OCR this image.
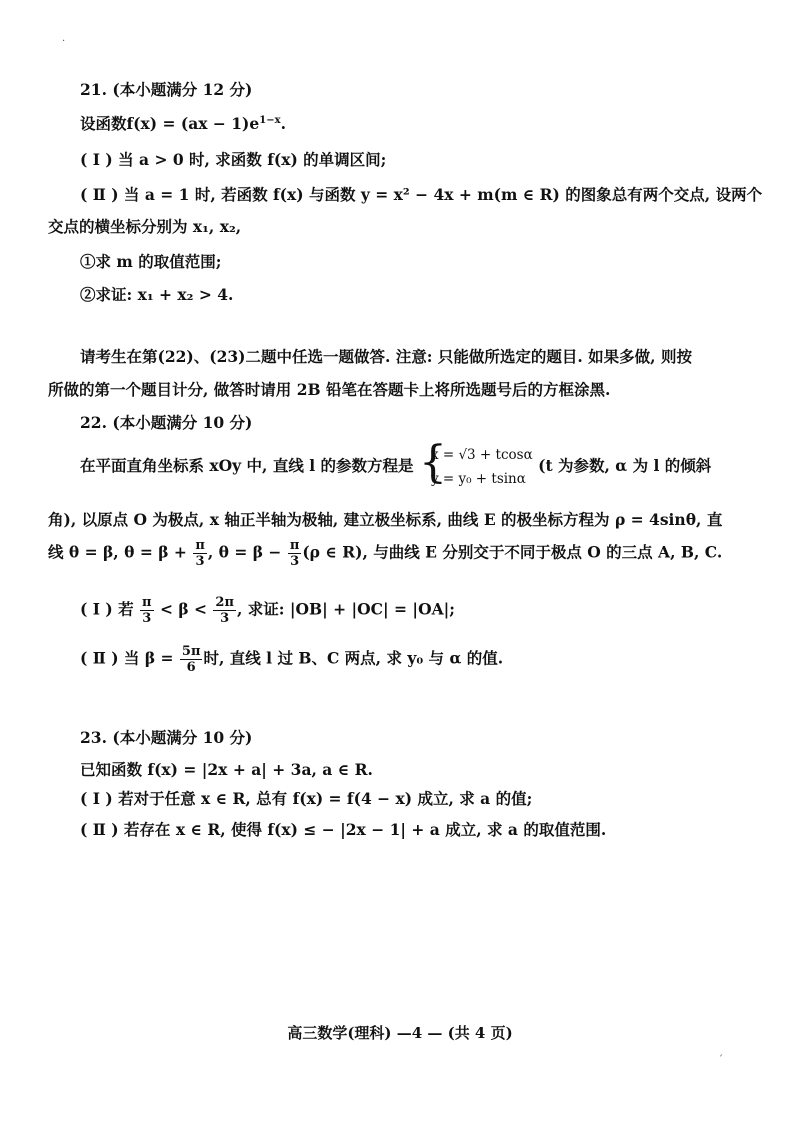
·
21. (本小题满分 12 分)
设函数$f(x) = (ax - 1)e^{1-x}$.
( Ⅰ ) 当 a > 0 时, 求函数 f(x) 的单调区间;
( Ⅱ ) 当 a = 1 时, 若函数 f(x) 与函数 y = x² − 4x + m(m ∈ R) 的图象总有两个交点, 设两个
交点的横坐标分别为 x₁, x₂,
①求 m 的取值范围;
②求证: x₁ + x₂ > 4.
请考生在第(22)、(23)二题中任选一题做答. 注意: 只能做所选定的题目. 如果多做, 则按
所做的第一个题目计分, 做答时请用 2B 铅笔在答题卡上将所选题号后的方框涂黑.
22. (本小题满分 10 分)
在平面直角坐标系 xOy 中, 直线 l 的参数方程是 {
x = √3 + tcosα
y = y₀ + tsinα
(t 为参数, α 为 l 的倾斜
角), 以原点 O 为极点, x 轴正半轴为极轴, 建立极坐标系, 曲线 E 的极坐标方程为 ρ = 4sinθ, 直
线 θ = β, $\theta = \beta + \frac{\pi}{3}$ , $\theta = \beta - \frac{\pi}{3} (\rho$ ∈ R), 与曲线 E 分别交于不同于极点 O 的三点 A, B, C.
( Ⅰ ) 若 $\frac{\pi}{3} < \beta < \frac{2\pi}{3}$ , 求证: |OB| + |OC| = |OA|;
( Ⅱ ) 当 $\beta = \frac{5\pi}{6}$ 时, 直线 l 过 B、C 两点, 求 y₀ 与 α 的值.
23. (本小题满分 10 分)
已知函数 f(x) = |2x + a| + 3a, a ∈ R.
( Ⅰ ) 若对于任意 x ∈ R, 总有 f(x) = f(4 − x) 成立, 求 a 的值;
( Ⅱ ) 若存在 x ∈ R, 使得 f(x) ≤ − |2x − 1| + a 成立, 求 a 的取值范围.
高三数学(理科) —4 — (共 4 页)
ˊ
